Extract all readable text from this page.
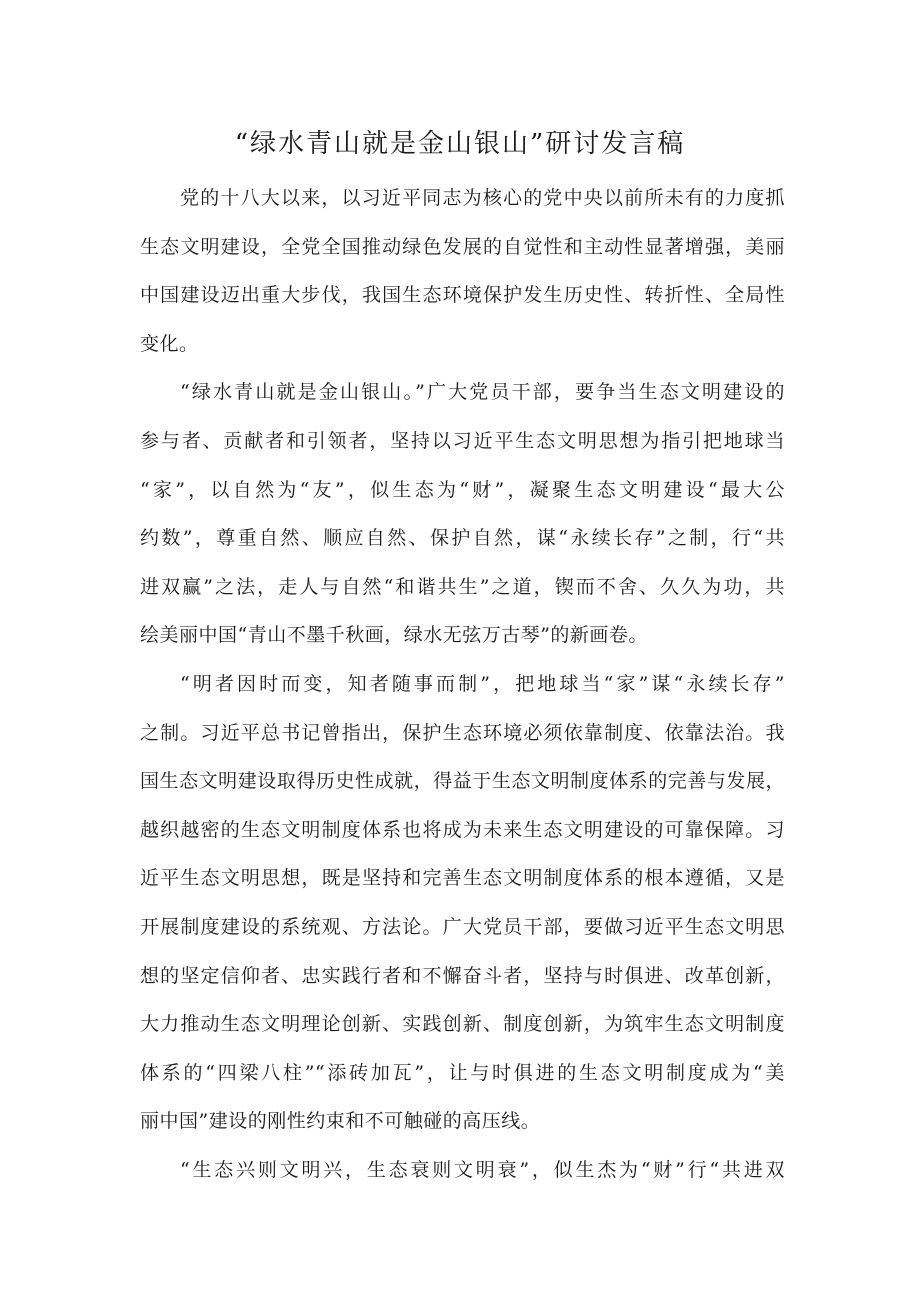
“绿水青山就是金山银山”研讨发言稿
党的十八大以来，以习近平同志为核心的党中央以前所未有的力度抓
生态文明建设，全党全国推动绿色发展的自觉性和主动性显著增强，美丽
中国建设迈出重大步伐，我国生态环境保护发生历史性、转折性、全局性
变化。
“绿水青山就是金山银山。”广大党员干部，要争当生态文明建设的
参与者、贡献者和引领者，坚持以习近平生态文明思想为指引把地球当
“家”，以自然为“友”，似生态为“财”，凝聚生态文明建设“最大公
约数”，尊重自然、顺应自然、保护自然，谋“永续长存”之制，行“共
进双赢”之法，走人与自然“和谐共生”之道，锲而不舍、久久为功，共
绘美丽中国“青山不墨千秋画，绿水无弦万古琴”的新画卷。
“明者因时而变，知者随事而制”，把地球当“家”谋“永续长存”
之制。习近平总书记曾指出，保护生态环境必须依靠制度、依靠法治。我
国生态文明建设取得历史性成就，得益于生态文明制度体系的完善与发展，
越织越密的生态文明制度体系也将成为未来生态文明建设的可靠保障。习
近平生态文明思想，既是坚持和完善生态文明制度体系的根本遵循，又是
开展制度建设的系统观、方法论。广大党员干部，要做习近平生态文明思
想的坚定信仰者、忠实践行者和不懈奋斗者，坚持与时俱进、改革创新，
大力推动生态文明理论创新、实践创新、制度创新，为筑牢生态文明制度
体系的“四梁八柱”“添砖加瓦”，让与时俱进的生态文明制度成为“美
丽中国”建设的刚性约束和不可触碰的高压线。
“生态兴则文明兴，生态衰则文明衰”，似生杰为“财”行“共进双
